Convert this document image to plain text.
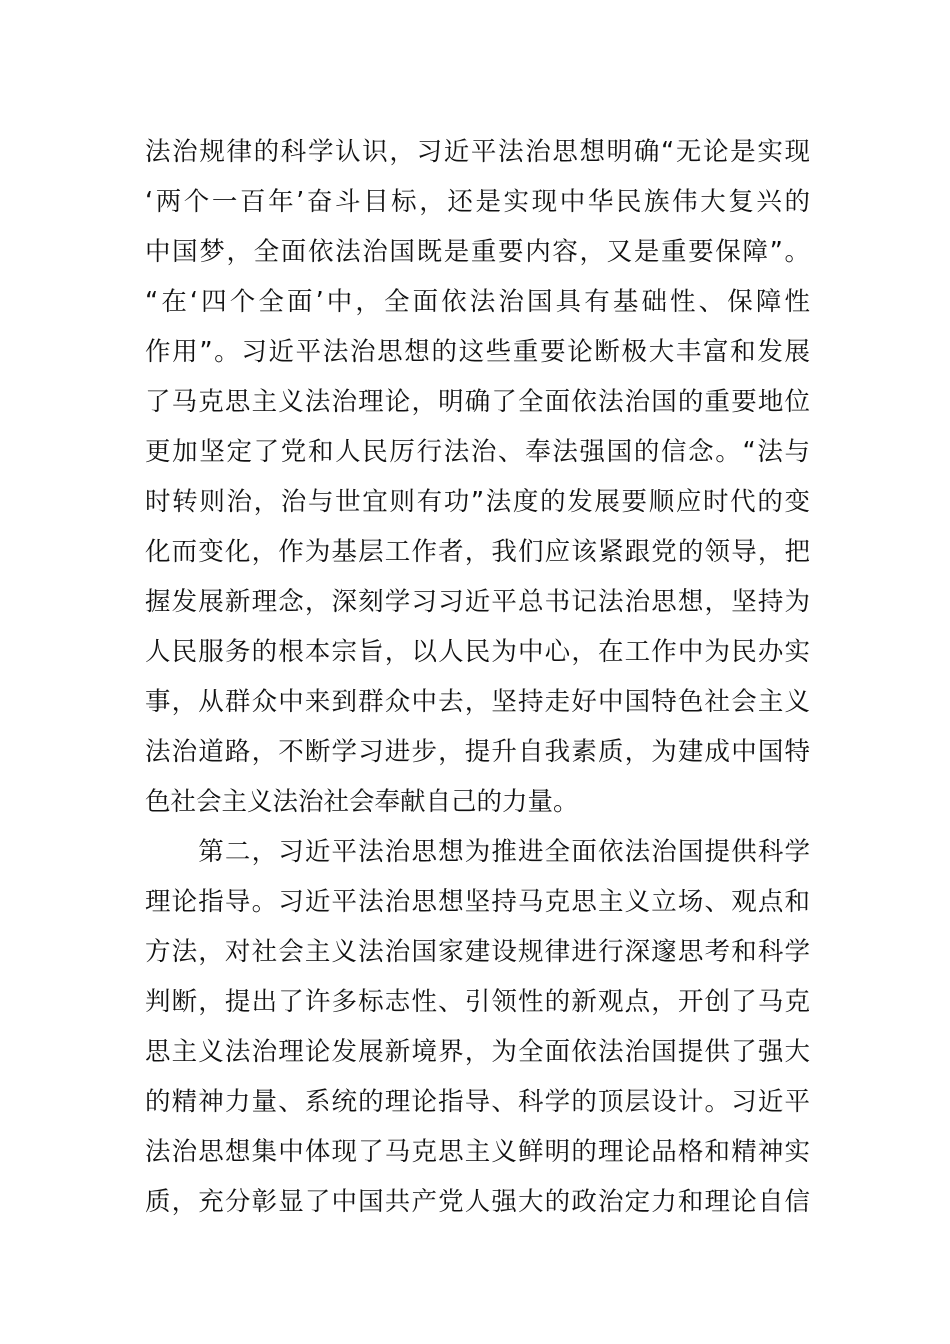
法治规律的科学认识，习近平法治思想明确“无论是实现
‘两个一百年’奋斗目标，还是实现中华民族伟大复兴的
中国梦，全面依法治国既是重要内容，又是重要保障”。
“在‘四个全面’中，全面依法治国具有基础性、保障性
作用”。习近平法治思想的这些重要论断极大丰富和发展
了马克思主义法治理论，明确了全面依法治国的重要地位
更加坚定了党和人民厉行法治、奉法强国的信念。“法与
时转则治，治与世宜则有功”法度的发展要顺应时代的变
化而变化，作为基层工作者，我们应该紧跟党的领导，把
握发展新理念，深刻学习习近平总书记法治思想，坚持为
人民服务的根本宗旨，以人民为中心，在工作中为民办实
事，从群众中来到群众中去，坚持走好中国特色社会主义
法治道路，不断学习进步，提升自我素质，为建成中国特
色社会主义法治社会奉献自己的力量。
　　第二，习近平法治思想为推进全面依法治国提供科学
理论指导。习近平法治思想坚持马克思主义立场、观点和
方法，对社会主义法治国家建设规律进行深邃思考和科学
判断，提出了许多标志性、引领性的新观点，开创了马克
思主义法治理论发展新境界，为全面依法治国提供了强大
的精神力量、系统的理论指导、科学的顶层设计。习近平
法治思想集中体现了马克思主义鲜明的理论品格和精神实
质，充分彰显了中国共产党人强大的政治定力和理论自信
